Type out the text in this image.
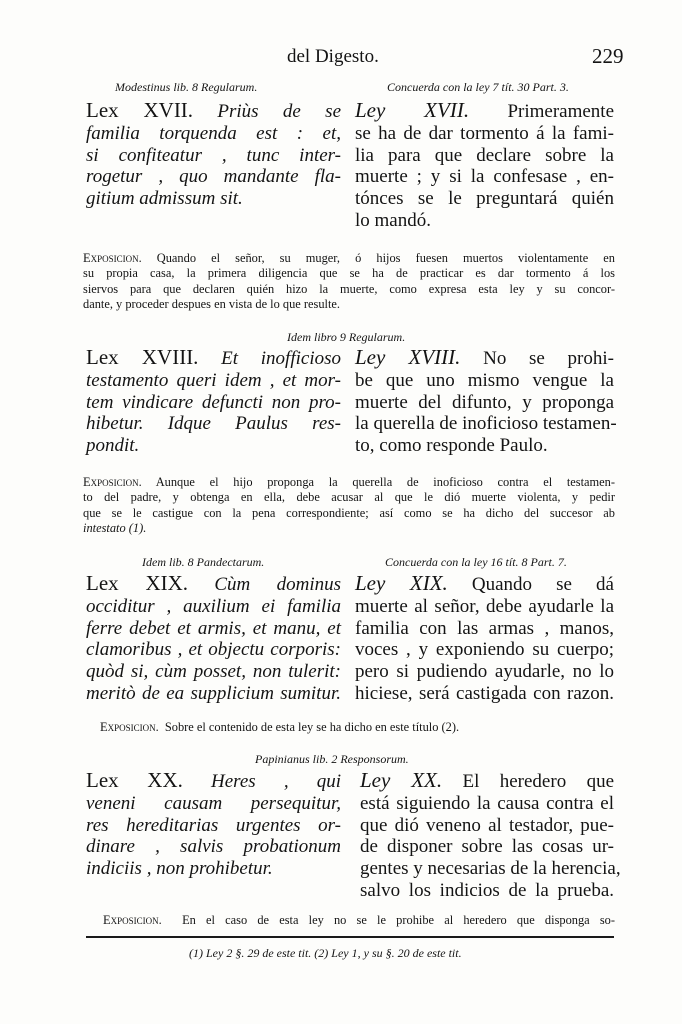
del Digesto.	229
Modestinus lib. 8 Regularum.	Concuerda con la ley 7 tít. 30 Part. 3.
Lex XVII. Priùs de se
familia torquenda est : et,
si confiteatur , tunc inter-
rogetur , quo mandante fla-
gitium admissum sit.
Ley XVII. Primeramente
se ha de dar tormento á la fami-
lia para que declare sobre la
muerte ; y si la confesase , en-
tónces se le preguntará quién
lo mandó.
Exposicion. Quando el señor, su muger, ó hijos fuesen muertos violentamente en
su propia casa, la primera diligencia que se ha de practicar es dar tormento á los
siervos para que declaren quién hizo la muerte, como expresa esta ley y su concor-
dante, y proceder despues en vista de lo que resulte.
Idem libro 9 Regularum.
Lex XVIII. Et inofficioso
testamento queri idem , et mor-
tem vindicare defuncti non pro-
hibetur. Idque Paulus res-
pondit.
Ley XVIII. No se prohi-
be que uno mismo vengue la
muerte del difunto, y proponga
la querella de inoficioso testamen-
to, como responde Paulo.
Exposicion. Aunque el hijo proponga la querella de inoficioso contra el testamen-
to del padre, y obtenga en ella, debe acusar al que le dió muerte violenta, y pedir
que se le castigue con la pena correspondiente; así como se ha dicho del succesor ab
intestato (1).
Idem lib. 8 Pandectarum.	Concuerda con la ley 16 tít. 8 Part. 7.
Lex XIX. Cùm dominus
occiditur , auxilium ei familia
ferre debet et armis, et manu, et
clamoribus , et objectu corporis:
quòd si, cùm posset, non tulerit:
meritò de ea supplicium sumitur.
Ley XIX. Quando se dá
muerte al señor, debe ayudarle la
familia con las armas , manos,
voces , y exponiendo su cuerpo;
pero si pudiendo ayudarle, no lo
hiciese, será castigada con razon.
Exposicion. Sobre el contenido de esta ley se ha dicho en este título (2).
Papinianus lib. 2 Responsorum.
Lex XX. Heres , qui
veneni causam persequitur,
res hereditarias urgentes or-
dinare , salvis probationum
indiciis , non prohibetur.
Ley XX. El heredero que
está siguiendo la causa contra el
que dió veneno al testador, pue-
de disponer sobre las cosas ur-
gentes y necesarias de la herencia,
salvo los indicios de la prueba.
Exposicion. En el caso de esta ley no se le prohibe al heredero que disponga so-
(1) Ley 2 §. 29 de este tit. (2) Ley 1, y su §. 20 de este tit.
